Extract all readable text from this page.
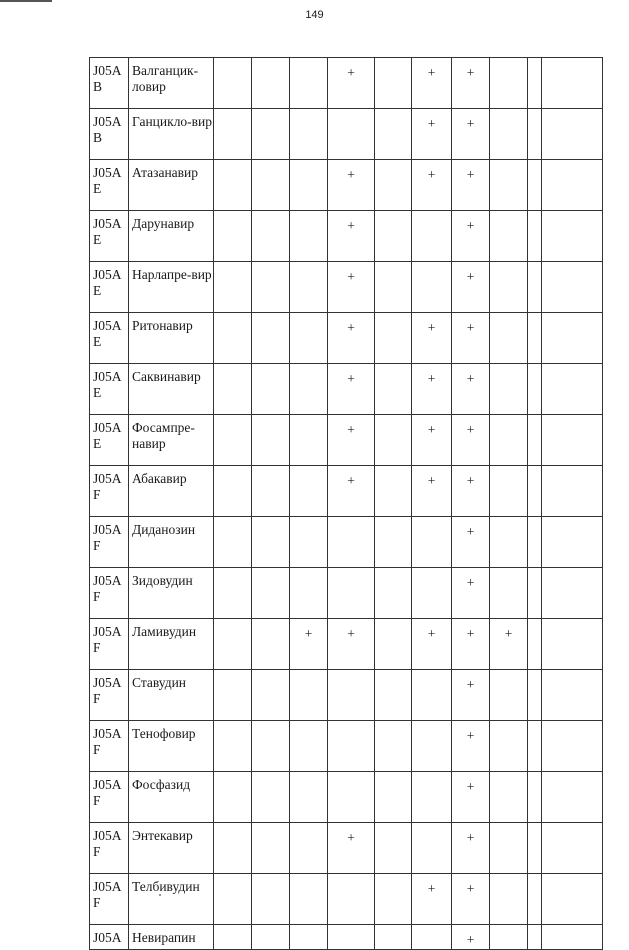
149
J05A B	Валганцик-ловир				+		+	+			
J05A B	Ганцикло-вир						+	+			
J05A E	Атазанавир				+		+	+			
J05A E	Дарунавир				+			+			
J05A E	Нарлапре-вир				+			+			
J05A E	Ритонавир				+		+	+			
J05A E	Саквинавир				+		+	+			
J05A E	Фосампре-навир				+		+	+			
J05A F	Абакавир				+		+	+			
J05A F	Диданозин							+			
J05A F	Зидовудин							+			
J05A F	Ламивудин			+	+		+	+	+		
J05A F	Ставудин							+			
J05A F	Тенофовир							+			
J05A F	Фосфазид							+			
J05A F	Энтекавир				+			+			
J05A F	Телбивудин						+	+			
J05A	Невирапин							+			
